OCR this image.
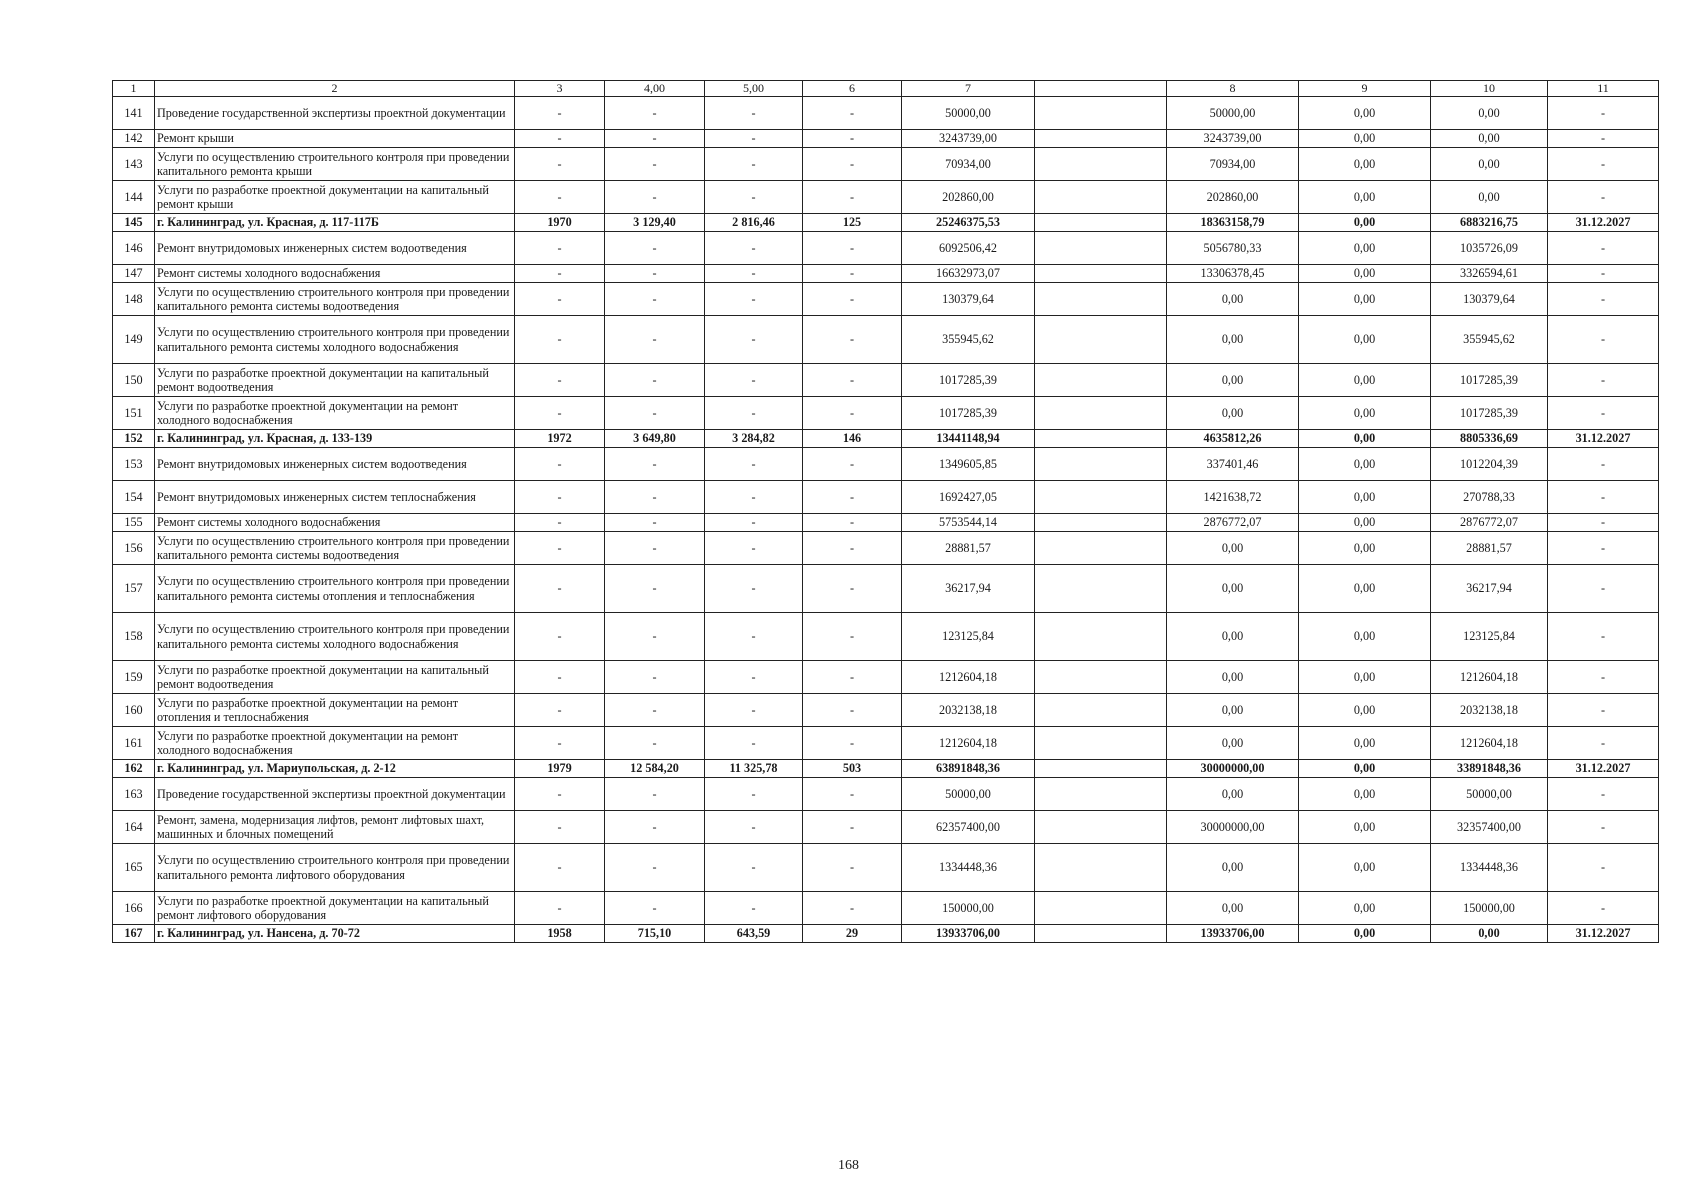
1	2	3	4,00	5,00	6	7		8	9	10	11
141	Проведение государственной экспертизы проектной документации	-	-	-	-	50000,00		50000,00	0,00	0,00	-
142	Ремонт крыши	-	-	-	-	3243739,00		3243739,00	0,00	0,00	-
143	Услуги по осуществлению строительного контроля при проведении капитального ремонта крыши	-	-	-	-	70934,00		70934,00	0,00	0,00	-
144	Услуги по разработке проектной документации на капитальный ремонт крыши	-	-	-	-	202860,00		202860,00	0,00	0,00	-
145	г. Калининград, ул. Красная, д. 117-117Б	1970	3 129,40	2 816,46	125	25246375,53		18363158,79	0,00	6883216,75	31.12.2027
146	Ремонт внутридомовых инженерных систем водоотведения	-	-	-	-	6092506,42		5056780,33	0,00	1035726,09	-
147	Ремонт системы холодного водоснабжения	-	-	-	-	16632973,07		13306378,45	0,00	3326594,61	-
148	Услуги по осуществлению строительного контроля при проведении капитального ремонта системы водоотведения	-	-	-	-	130379,64		0,00	0,00	130379,64	-
149	Услуги по осуществлению строительного контроля при проведении капитального ремонта системы холодного водоснабжения	-	-	-	-	355945,62		0,00	0,00	355945,62	-
150	Услуги по разработке проектной документации на капитальный ремонт водоотведения	-	-	-	-	1017285,39		0,00	0,00	1017285,39	-
151	Услуги по разработке проектной документации на ремонт холодного водоснабжения	-	-	-	-	1017285,39		0,00	0,00	1017285,39	-
152	г. Калининград, ул. Красная, д. 133-139	1972	3 649,80	3 284,82	146	13441148,94		4635812,26	0,00	8805336,69	31.12.2027
153	Ремонт внутридомовых инженерных систем водоотведения	-	-	-	-	1349605,85		337401,46	0,00	1012204,39	-
154	Ремонт внутридомовых инженерных систем теплоснабжения	-	-	-	-	1692427,05		1421638,72	0,00	270788,33	-
155	Ремонт системы холодного водоснабжения	-	-	-	-	5753544,14		2876772,07	0,00	2876772,07	-
156	Услуги по осуществлению строительного контроля при проведении капитального ремонта системы водоотведения	-	-	-	-	28881,57		0,00	0,00	28881,57	-
157	Услуги по осуществлению строительного контроля при проведении капитального ремонта системы отопления и теплоснабжения	-	-	-	-	36217,94		0,00	0,00	36217,94	-
158	Услуги по осуществлению строительного контроля при проведении капитального ремонта системы холодного водоснабжения	-	-	-	-	123125,84		0,00	0,00	123125,84	-
159	Услуги по разработке проектной документации на капитальный ремонт водоотведения	-	-	-	-	1212604,18		0,00	0,00	1212604,18	-
160	Услуги по разработке проектной документации на ремонт отопления и теплоснабжения	-	-	-	-	2032138,18		0,00	0,00	2032138,18	-
161	Услуги по разработке проектной документации на ремонт холодного водоснабжения	-	-	-	-	1212604,18		0,00	0,00	1212604,18	-
162	г. Калининград, ул. Мариупольская, д. 2-12	1979	12 584,20	11 325,78	503	63891848,36		30000000,00	0,00	33891848,36	31.12.2027
163	Проведение государственной экспертизы проектной документации	-	-	-	-	50000,00		0,00	0,00	50000,00	-
164	Ремонт, замена, модернизация лифтов, ремонт лифтовых шахт, машинных и блочных помещений	-	-	-	-	62357400,00		30000000,00	0,00	32357400,00	-
165	Услуги по осуществлению строительного контроля при проведении капитального ремонта лифтового оборудования	-	-	-	-	1334448,36		0,00	0,00	1334448,36	-
166	Услуги по разработке проектной документации на капитальный ремонт лифтового оборудования	-	-	-	-	150000,00		0,00	0,00	150000,00	-
167	г. Калининград, ул. Нансена, д. 70-72	1958	715,10	643,59	29	13933706,00		13933706,00	0,00	0,00	31.12.2027
168
